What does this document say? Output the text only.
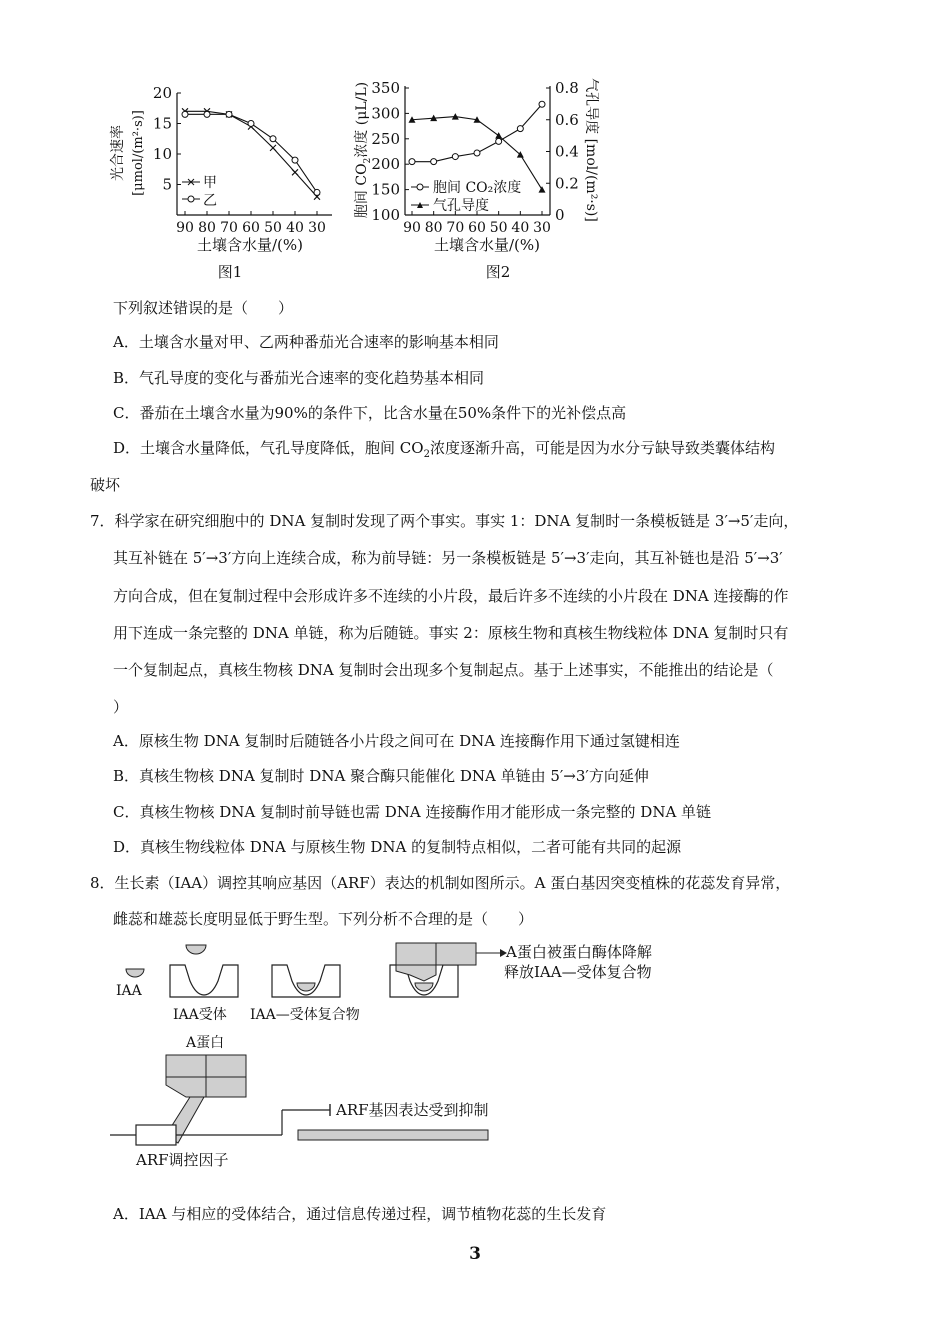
光合速率 [μmol/(m²·s)] 5
10
15
20
90 80 70 60 50 40 30
甲
乙
土壤含水量/(%)
图1
胞间 $CO_2$浓度 (μL/L)	气孔导度 [mol/(m²·s)]
100
150
200
250
300
350
0
0.2
0.4
0.6
0.8
90 80 70 60 50 40 30
胞间 CO₂浓度
气孔导度
土壤含水量/(%)
图2
下列叙述错误的是（　　）
A．土壤含水量对甲、乙两种番茄光合速率的影响基本相同
B．气孔导度的变化与番茄光合速率的变化趋势基本相同
C．番茄在土壤含水量为90%的条件下，比含水量在50%条件下的光补偿点高
D．土壤含水量降低，气孔导度降低，胞间 $CO_2$浓度逐渐升高，可能是因为水分亏缺导致类囊体结构
破坏
7．科学家在研究细胞中的 DNA 复制时发现了两个事实。事实 1：DNA 复制时一条模板链是 3′→5′走向，
其互补链在 5′→3′方向上连续合成，称为前导链：另一条模板链是 5′→3′走向，其互补链也是沿 5′→3′
方向合成，但在复制过程中会形成许多不连续的小片段，最后许多不连续的小片段在 DNA 连接酶的作
用下连成一条完整的 DNA 单链，称为后随链。事实 2：原核生物和真核生物线粒体 DNA 复制时只有
一个复制起点，真核生物核 DNA 复制时会出现多个复制起点。基于上述事实，不能推出的结论是（
）
A．原核生物 DNA 复制时后随链各小片段之间可在 DNA 连接酶作用下通过氢键相连
B．真核生物核 DNA 复制时 DNA 聚合酶只能催化 DNA 单链由 5′→3′方向延伸
C．真核生物核 DNA 复制时前导链也需 DNA 连接酶作用才能形成一条完整的 DNA 单链
D．真核生物线粒体 DNA 与原核生物 DNA 的复制特点相似，二者可能有共同的起源
8．生长素（IAA）调控其响应基因（ARF）表达的机制如图所示。A 蛋白基因突变植株的花蕊发育异常，
雌蕊和雄蕊长度明显低于野生型。下列分析不合理的是（　　）
IAA
IAA受体 IAA—受体复合物
A蛋白被蛋白酶体降解
释放IAA—受体复合物
A蛋白
ARF基因表达受到抑制
ARF调控因子
A．IAA 与相应的受体结合，通过信息传递过程，调节植物花蕊的生长发育
3
